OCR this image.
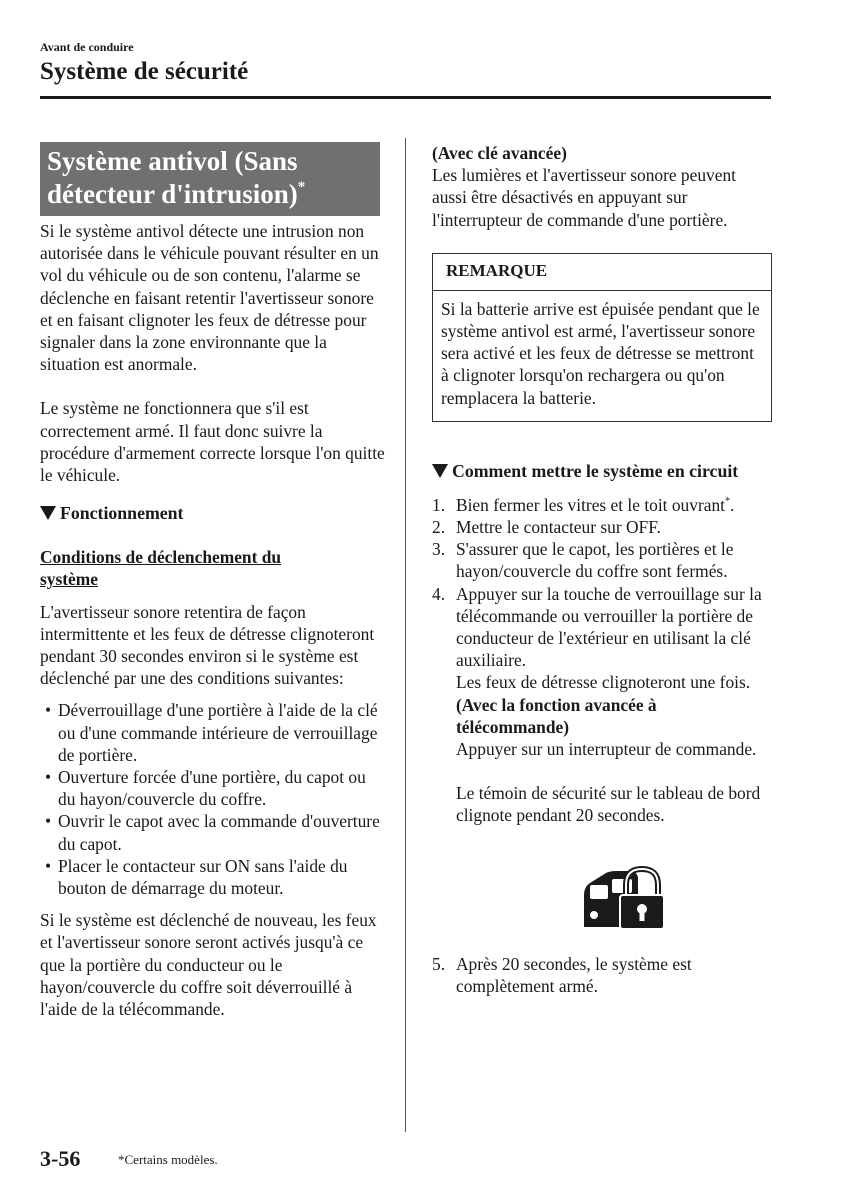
Avant de conduire
Système de sécurité
Système antivol (Sans détecteur d'intrusion)*

Si le système antivol détecte une intrusion non autorisée dans le véhicule pouvant résulter en un vol du véhicule ou de son contenu, l'alarme se déclenche en faisant retentir l'avertisseur sonore et en faisant clignoter les feux de détresse pour signaler dans la zone environnante que la situation est anormale.

Le système ne fonctionnera que s'il est correctement armé. Il faut donc suivre la procédure d'armement correcte lorsque l'on quitte le véhicule.

Fonctionnement

Conditions de déclenchement du système

L'avertisseur sonore retentira de façon intermittente et les feux de détresse clignoteront pendant 30 secondes environ si le système est déclenché par une des conditions suivantes:

• Déverrouillage d'une portière à l'aide de la clé ou d'une commande intérieure de verrouillage de portière.
• Ouverture forcée d'une portière, du capot ou du hayon/couvercle du coffre.
• Ouvrir le capot avec la commande d'ouverture du capot.
• Placer le contacteur sur ON sans l'aide du bouton de démarrage du moteur.

Si le système est déclenché de nouveau, les feux et l'avertisseur sonore seront activés jusqu'à ce que la portière du conducteur ou le hayon/couvercle du coffre soit déverrouillé à l'aide de la télécommande.

(Avec clé avancée)

Les lumières et l'avertisseur sonore peuvent aussi être désactivés en appuyant sur l'interrupteur de commande d'une portière.

REMARQUE
Si la batterie arrive est épuisée pendant que le système antivol est armé, l'avertisseur sonore sera activé et les feux de détresse se mettront à clignoter lorsqu'on rechargera ou qu'on remplacera la batterie.
Comment mettre le système en circuit
1. Bien fermer les vitres et le toit ouvrant*.
2. Mettre le contacteur sur OFF.
3. S'assurer que le capot, les portières et le hayon/couvercle du coffre sont fermés.
4. Appuyer sur la touche de verrouillage sur la télécommande ou verrouiller la portière de conducteur de l'extérieur en utilisant la clé auxiliaire.
Les feux de détresse clignoteront une fois.
(Avec la fonction avancée à télécommande)
Appuyer sur un interrupteur de commande.
Le témoin de sécurité sur le tableau de bord clignote pendant 20 secondes.
5. Après 20 secondes, le système est complètement armé.
3-56	*Certains modèles.
